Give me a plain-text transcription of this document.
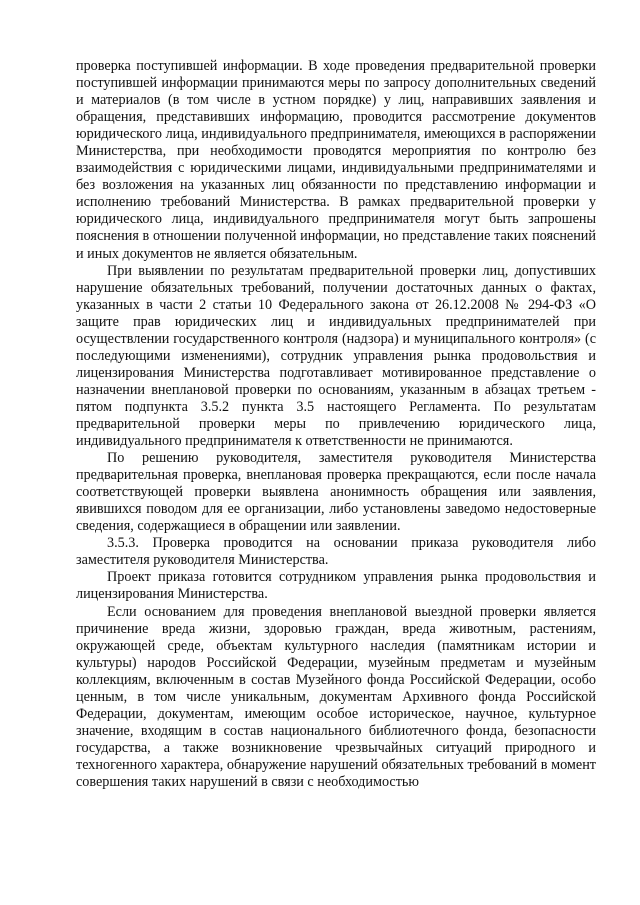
проверка поступившей информации. В ходе проведения предварительной проверки поступившей информации принимаются меры по запросу дополнительных сведений и материалов (в том числе в устном порядке) у лиц, направивших заявления и обращения, представивших информацию, проводится рассмотрение документов юридического лица, индивидуального предпринимателя, имеющихся в распоряжении Министерства, при необходимости проводятся мероприятия по контролю без взаимодействия с юридическими лицами, индивидуальными предпринимателями и без возложения на указанных лиц обязанности по представлению информации и исполнению требований Министерства. В рамках предварительной проверки у юридического лица, индивидуального предпринимателя могут быть запрошены пояснения в отношении полученной информации, но представление таких пояснений и иных документов не является обязательным.

При выявлении по результатам предварительной проверки лиц, допустивших нарушение обязательных требований, получении достаточных данных о фактах, указанных в части 2 статьи 10 Федерального закона от 26.12.2008 № 294-ФЗ «О защите прав юридических лиц и индивидуальных предпринимателей при осуществлении государственного контроля (надзора) и муниципального контроля» (с последующими изменениями), сотрудник управления рынка продовольствия и лицензирования Министерства подготавливает мотивированное представление о назначении внеплановой проверки по основаниям, указанным в абзацах третьем - пятом подпункта 3.5.2 пункта 3.5 настоящего Регламента. По результатам предварительной проверки меры по привлечению юридического лица, индивидуального предпринимателя к ответственности не принимаются.

По решению руководителя, заместителя руководителя Министерства предварительная проверка, внеплановая проверка прекращаются, если после начала соответствующей проверки выявлена анонимность обращения или заявления, явившихся поводом для ее организации, либо установлены заведомо недостоверные сведения, содержащиеся в обращении или заявлении.

3.5.3. Проверка проводится на основании приказа руководителя либо заместителя руководителя Министерства.

Проект приказа готовится сотрудником управления рынка продовольствия и лицензирования Министерства.

Если основанием для проведения внеплановой выездной проверки является причинение вреда жизни, здоровью граждан, вреда животным, растениям, окружающей среде, объектам культурного наследия (памятникам истории и культуры) народов Российской Федерации, музейным предметам и музейным коллекциям, включенным в состав Музейного фонда Российской Федерации, особо ценным, в том числе уникальным, документам Архивного фонда Российской Федерации, документам, имеющим особое историческое, научное, культурное значение, входящим в состав национального библиотечного фонда, безопасности государства, а также возникновение чрезвычайных ситуаций природного и техногенного характера, обнаружение нарушений обязательных требований в момент совершения таких нарушений в связи с необходимостью
